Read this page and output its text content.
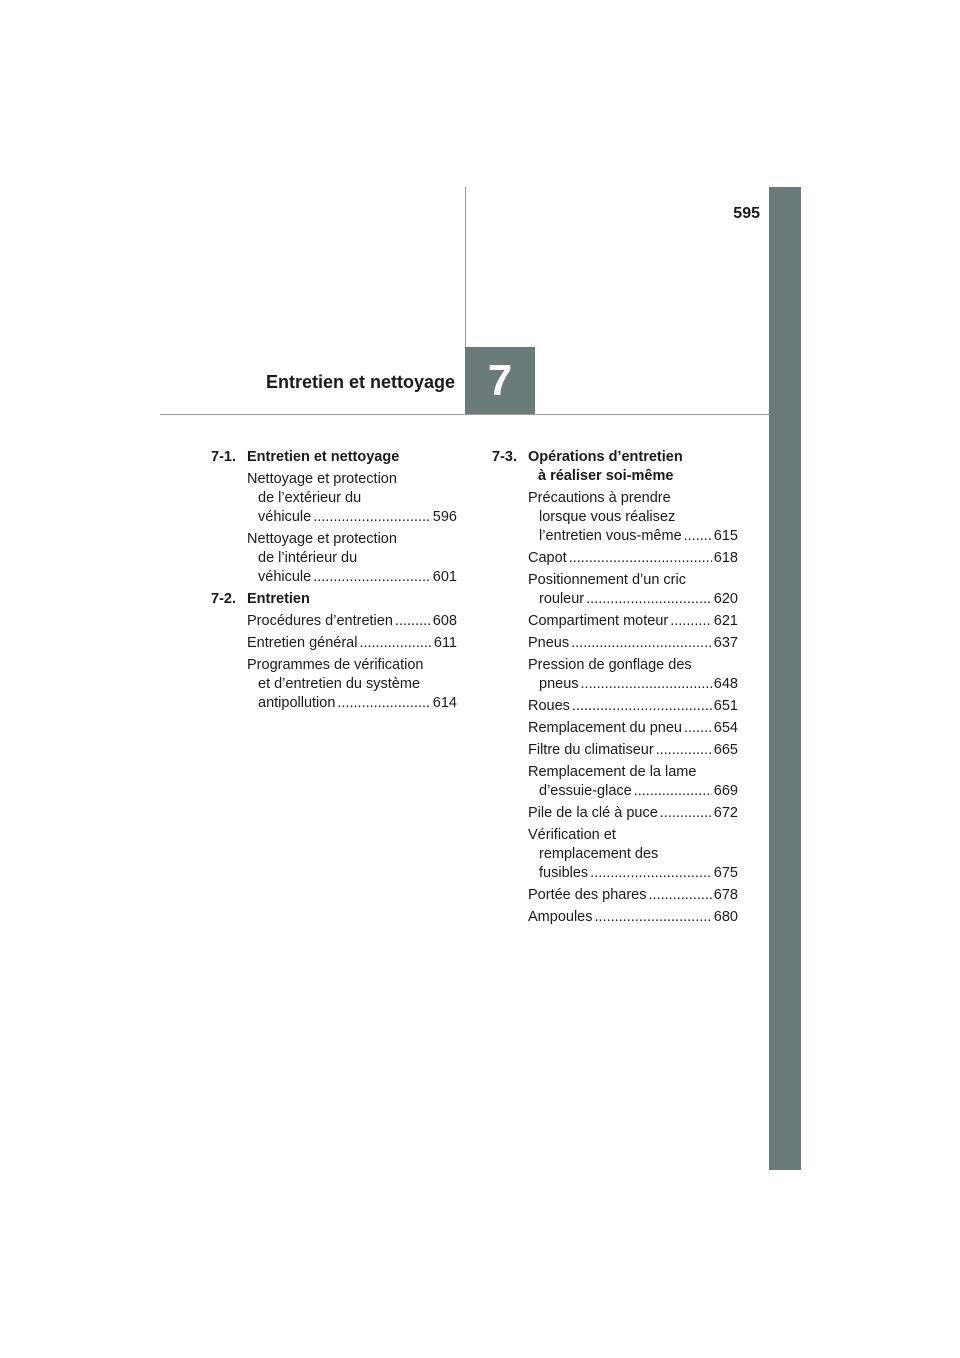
595
7
Entretien et nettoyage
7-1. Entretien et nettoyage
Nettoyage et protection
de l’extérieur du
véhicule .....	596
Nettoyage et protection
de l’intérieur du
véhicule .....	601
7-2. Entretien
Procédures d’entretien .....	608
Entretien général .....	611
Programmes de vérification
et d’entretien du système
antipollution .....	614
7-3. Opérations d’entretien
à réaliser soi-même
Précautions à prendre
lorsque vous réalisez
l’entretien vous-même ..... 615
Capot .....	618
Positionnement d’un cric
rouleur .....	620
Compartiment moteur .....	621
Pneus .....	637
Pression de gonflage des
pneus .....	648
Roues .....	651
Remplacement du pneu ..... 654
Filtre du climatiseur .....	665
Remplacement de la lame
d’essuie-glace .....	669
Pile de la clé à puce .....	672
Vérification et
remplacement des
fusibles .....	675
Portée des phares .....	678
Ampoules .....	680
